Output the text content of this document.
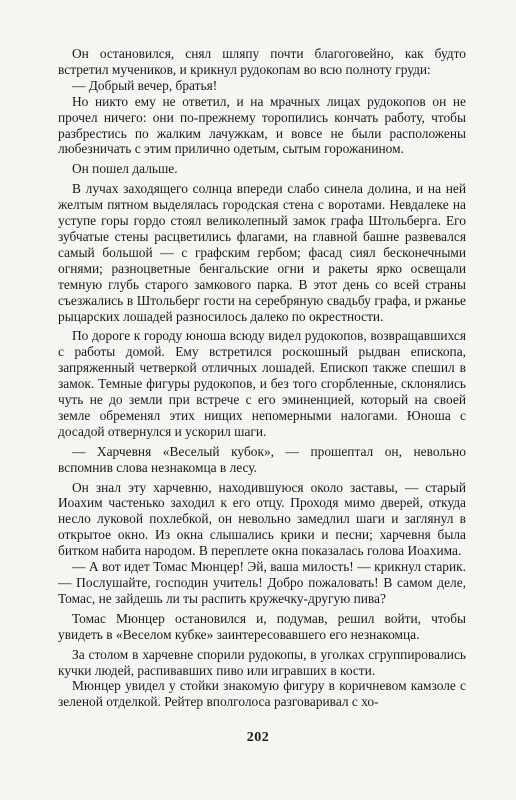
Он остановился, снял шляпу почти благоговейно, как будто встретил мучеников, и крикнул рудокопам во всю полноту груди:

— Добрый вечер, братья!

Но никто ему не ответил, и на мрачных лицах рудокопов он не прочел ничего: они по-прежнему торопились кончать работу, чтобы разбрестись по жалким лачужкам, и вовсе не были расположены любезничать с этим прилично одетым, сытым горожанином.

Он пошел дальше.

В лучах заходящего солнца впереди слабо синела долина, и на ней желтым пятном выделялась городская стена с воротами. Невдалеке на уступе горы гордо стоял великолепный замок графа Штольберга. Его зубчатые стены расцветились флагами, на главной башне развевался самый большой — с графским гербом; фасад сиял бесконечными огнями; разноцветные бенгальские огни и ракеты ярко освещали темную глубь старого замкового парка. В этот день со всей страны съезжались в Штольберг гости на серебряную свадьбу графа, и ржанье рыцарских лошадей разносилось далеко по окрестности.

По дороге к городу юноша всюду видел рудокопов, возвращавшихся с работы домой. Ему встретился роскошный рыдван епископа, запряженный четверкой отличных лошадей. Епископ также спешил в замок. Темные фигуры рудокопов, и без того сгорбленные, склонялись чуть не до земли при встрече с его эминенцией, который на своей земле обременял этих нищих непомерными налогами. Юноша с досадой отвернулся и ускорил шаги.

— Харчевня «Веселый кубок», — прошептал он, невольно вспомнив слова незнакомца в лесу.

Он знал эту харчевню, находившуюся около заставы, — старый Иоахим частенько заходил к его отцу. Проходя мимо дверей, откуда несло луковой похлебкой, он невольно замедлил шаги и заглянул в открытое окно. Из окна слышались крики и песни; харчевня была битком набита народом. В переплете окна показалась голова Иоахима.

— А вот идет Томас Мюнцер! Эй, ваша милость! — крикнул старик. — Послушайте, господин учитель! Добро пожаловать! В самом деле, Томас, не зайдешь ли ты распить кружечку-другую пива?

Томас Мюнцер остановился и, подумав, решил войти, чтобы увидеть в «Веселом кубке» заинтересовавшего его незнакомца.

За столом в харчевне спорили рудокопы, в уголках сгруппировались кучки людей, распивавших пиво или игравших в кости.

Мюнцер увидел у стойки знакомую фигуру в коричневом камзоле с зеленой отделкой. Рейтер вполголоса разговаривал с хо-

202
